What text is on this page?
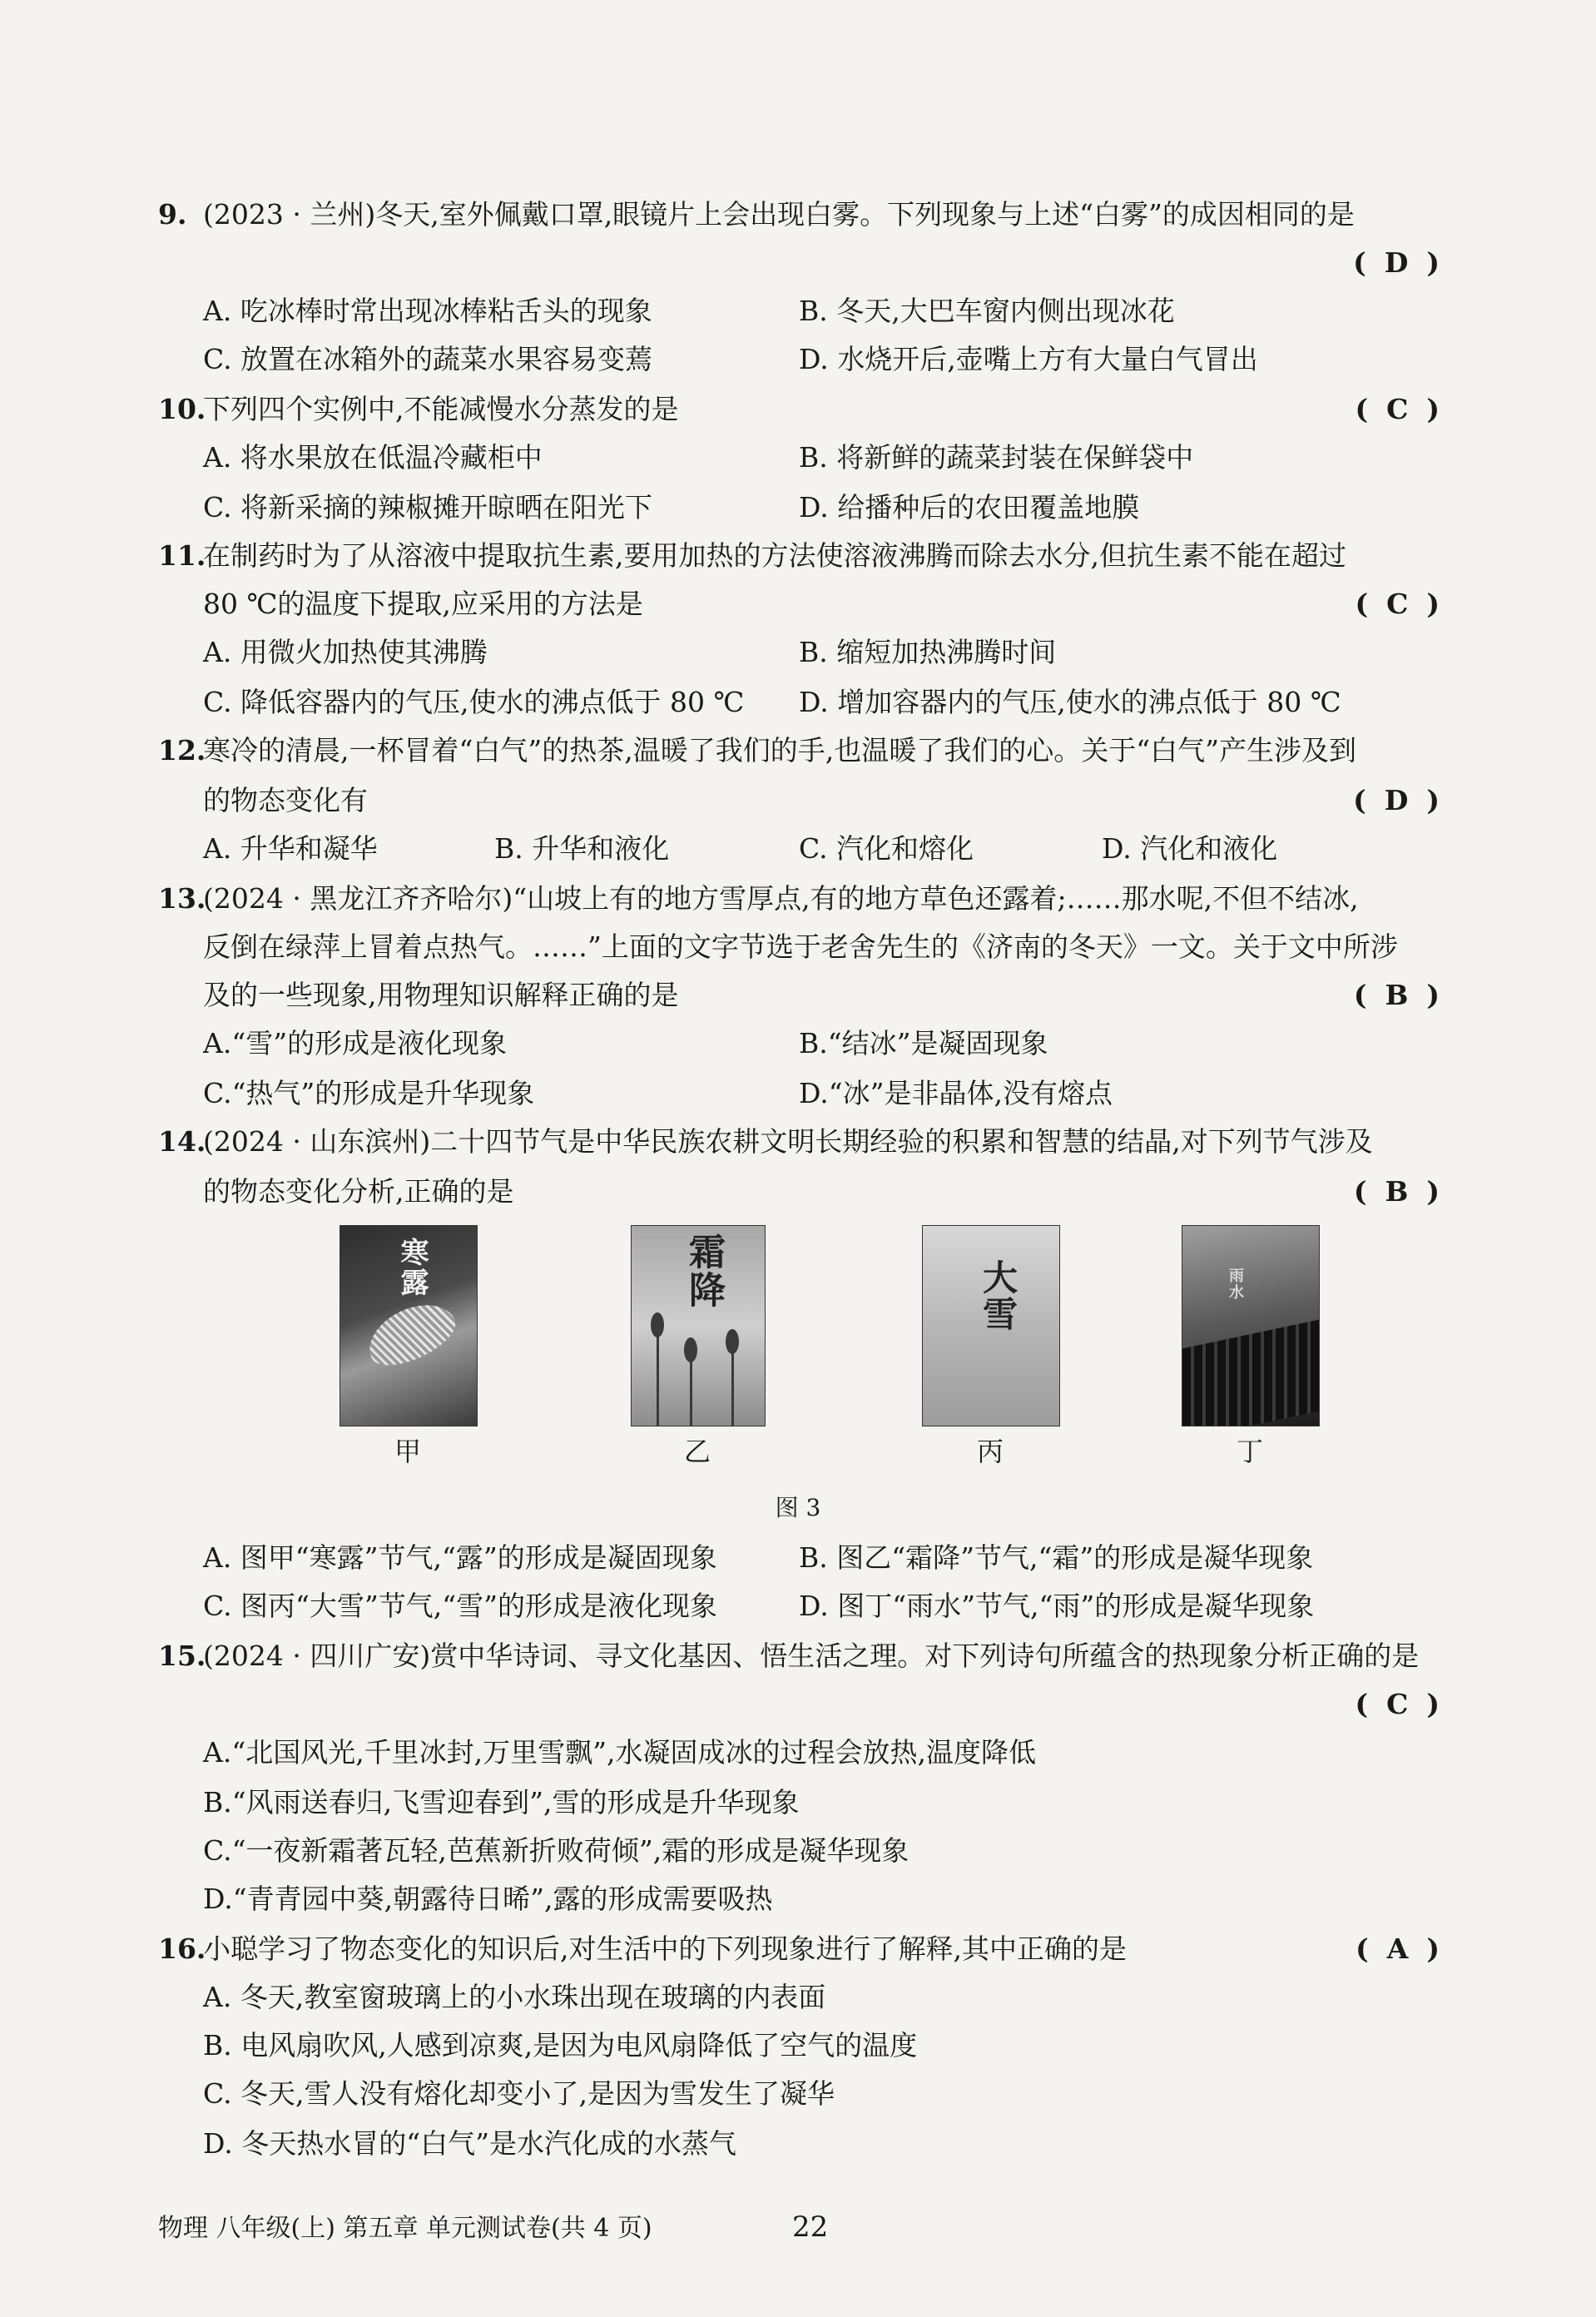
9. (2023 · 兰州)冬天,室外佩戴口罩,眼镜片上会出现白雾。下列现象与上述“白雾”的成因相同的是
( D )
A. 吃冰棒时常出现冰棒粘舌头的现象	B. 冬天,大巴车窗内侧出现冰花
C. 放置在冰箱外的蔬菜水果容易变蔫	D. 水烧开后,壶嘴上方有大量白气冒出
10.
下列四个实例中,不能减慢水分蒸发的是	( C )
A. 将水果放在低温冷藏柜中	B. 将新鲜的蔬菜封装在保鲜袋中
C. 将新采摘的辣椒摊开晾晒在阳光下	D. 给播种后的农田覆盖地膜
11.
在制药时为了从溶液中提取抗生素,要用加热的方法使溶液沸腾而除去水分,但抗生素不能在超过
80 ℃的温度下提取,应采用的方法是	( C )
A. 用微火加热使其沸腾	B. 缩短加热沸腾时间
C. 降低容器内的气压,使水的沸点低于 80 ℃ D. 增加容器内的气压,使水的沸点低于 80 ℃
12.
寒冷的清晨,一杯冒着“白气”的热茶,温暖了我们的手,也温暖了我们的心。关于“白气”产生涉及到
的物态变化有	( D )
A. 升华和凝华	B. 升华和液化	C. 汽化和熔化	D. 汽化和液化
13.
(2024 · 黑龙江齐齐哈尔)“山坡上有的地方雪厚点,有的地方草色还露着;……那水呢,不但不结冰,
反倒在绿萍上冒着点热气。……”上面的文字节选于老舍先生的《济南的冬天》一文。关于文中所涉
及的一些现象,用物理知识解释正确的是	( B )
A.“雪”的形成是液化现象	B.“结冰”是凝固现象
C.“热气”的形成是升华现象	D.“冰”是非晶体,没有熔点
14.
(2024 · 山东滨州)二十四节气是中华民族农耕文明长期经验的积累和智慧的结晶,对下列节气涉及
的物态变化分析,正确的是	( B )
寒露	霜降	大雪	雨水
甲	乙	丙	丁
图 3
A. 图甲“寒露”节气,“露”的形成是凝固现象	B. 图乙“霜降”节气,“霜”的形成是凝华现象
C. 图丙“大雪”节气,“雪”的形成是液化现象	D. 图丁“雨水”节气,“雨”的形成是凝华现象
15.
(2024 · 四川广安)赏中华诗词、寻文化基因、悟生活之理。对下列诗句所蕴含的热现象分析正确的是
( C )
A.“北国风光,千里冰封,万里雪飘”,水凝固成冰的过程会放热,温度降低
B.“风雨送春归,飞雪迎春到”,雪的形成是升华现象
C.“一夜新霜著瓦轻,芭蕉新折败荷倾”,霜的形成是凝华现象
D.“青青园中葵,朝露待日晞”,露的形成需要吸热
16.
小聪学习了物态变化的知识后,对生活中的下列现象进行了解释,其中正确的是	( A )
A. 冬天,教室窗玻璃上的小水珠出现在玻璃的内表面
B. 电风扇吹风,人感到凉爽,是因为电风扇降低了空气的温度
C. 冬天,雪人没有熔化却变小了,是因为雪发生了凝华
D. 冬天热水冒的“白气”是水汽化成的水蒸气
物理 八年级(上) 第五章 单元测试卷(共 4 页)	22
